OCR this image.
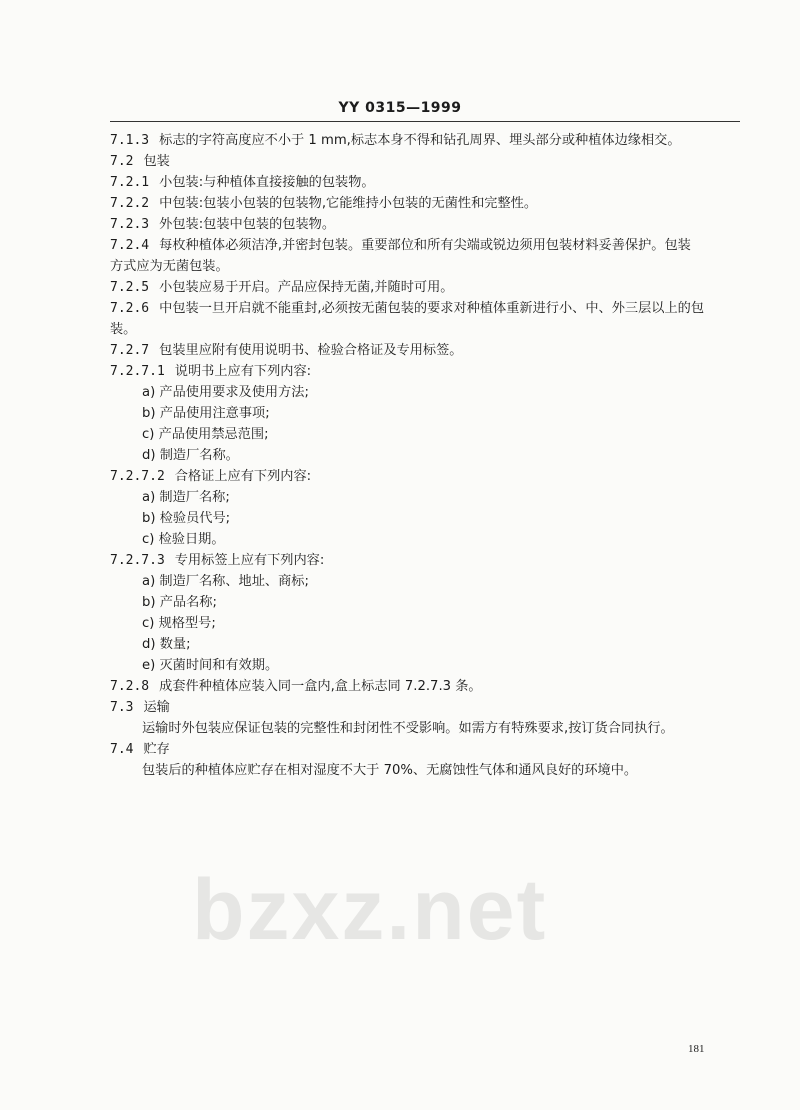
YY 0315—1999
7.1.3 标志的字符高度应不小于 1 mm,标志本身不得和钻孔周界、埋头部分或种植体边缘相交。
7.2 包装
7.2.1 小包装:与种植体直接接触的包装物。
7.2.2 中包装:包装小包装的包装物,它能维持小包装的无菌性和完整性。
7.2.3 外包装:包装中包装的包装物。
7.2.4 每枚种植体必须洁净,并密封包装。重要部位和所有尖端或锐边须用包装材料妥善保护。包装
方式应为无菌包装。
7.2.5 小包装应易于开启。产品应保持无菌,并随时可用。
7.2.6 中包装一旦开启就不能重封,必须按无菌包装的要求对种植体重新进行小、中、外三层以上的包
装。
7.2.7 包装里应附有使用说明书、检验合格证及专用标签。
7.2.7.1 说明书上应有下列内容:
a) 产品使用要求及使用方法;
b) 产品使用注意事项;
c) 产品使用禁忌范围;
d) 制造厂名称。
7.2.7.2 合格证上应有下列内容:
a) 制造厂名称;
b) 检验员代号;
c) 检验日期。
7.2.7.3 专用标签上应有下列内容:
a) 制造厂名称、地址、商标;
b) 产品名称;
c) 规格型号;
d) 数量;
e) 灭菌时间和有效期。
7.2.8 成套件种植体应装入同一盒内,盒上标志同 7.2.7.3 条。
7.3 运输
运输时外包装应保证包装的完整性和封闭性不受影响。如需方有特殊要求,按订货合同执行。
7.4 贮存
包装后的种植体应贮存在相对湿度不大于 70%、无腐蚀性气体和通风良好的环境中。
bzxz.net
181
